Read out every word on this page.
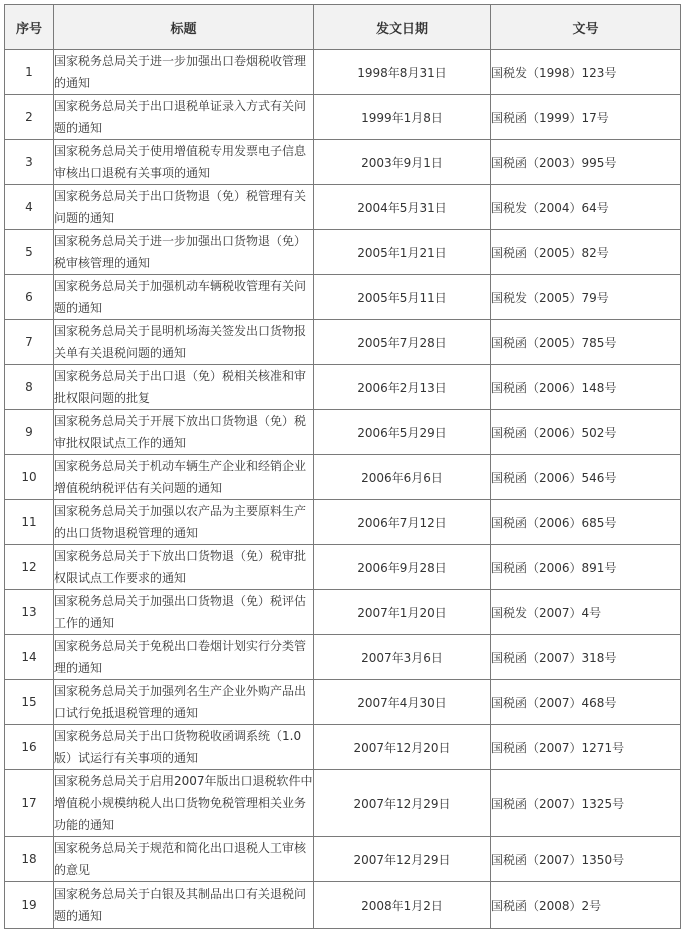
序号	标题	发文日期	文号
1	国家税务总局关于进一步加强出口卷烟税收管理的通知	1998年8月31日	国税发（1998）123号
2	国家税务总局关于出口退税单证录入方式有关问题的通知	1999年1月8日	国税函（1999）17号
3	国家税务总局关于使用增值税专用发票电子信息审核出口退税有关事项的通知	2003年9月1日	国税函（2003）995号
4	国家税务总局关于出口货物退（免）税管理有关问题的通知	2004年5月31日	国税发（2004）64号
5	国家税务总局关于进一步加强出口货物退（免）税审核管理的通知	2005年1月21日	国税函（2005）82号
6	国家税务总局关于加强机动车辆税收管理有关问题的通知	2005年5月11日	国税发（2005）79号
7	国家税务总局关于昆明机场海关签发出口货物报关单有关退税问题的通知	2005年7月28日	国税函（2005）785号
8	国家税务总局关于出口退（免）税相关核准和审批权限问题的批复	2006年2月13日	国税函（2006）148号
9	国家税务总局关于开展下放出口货物退（免）税审批权限试点工作的通知	2006年5月29日	国税函（2006）502号
10	国家税务总局关于机动车辆生产企业和经销企业增值税纳税评估有关问题的通知	2006年6月6日	国税函（2006）546号
11	国家税务总局关于加强以农产品为主要原料生产的出口货物退税管理的通知	2006年7月12日	国税函（2006）685号
12	国家税务总局关于下放出口货物退（免）税审批权限试点工作要求的通知	2006年9月28日	国税函（2006）891号
13	国家税务总局关于加强出口货物退（免）税评估工作的通知	2007年1月20日	国税发（2007）4号
14	国家税务总局关于免税出口卷烟计划实行分类管理的通知	2007年3月6日	国税函（2007）318号
15	国家税务总局关于加强列名生产企业外购产品出口试行免抵退税管理的通知	2007年4月30日	国税函（2007）468号
16	国家税务总局关于出口货物税收函调系统（1.0版）试运行有关事项的通知	2007年12月20日	国税函（2007）1271号
17	国家税务总局关于启用2007年版出口退税软件中增值税小规模纳税人出口货物免税管理相关业务功能的通知	2007年12月29日	国税函（2007）1325号
18	国家税务总局关于规范和简化出口退税人工审核的意见	2007年12月29日	国税函（2007）1350号
19	国家税务总局关于白银及其制品出口有关退税问题的通知	2008年1月2日	国税函（2008）2号
